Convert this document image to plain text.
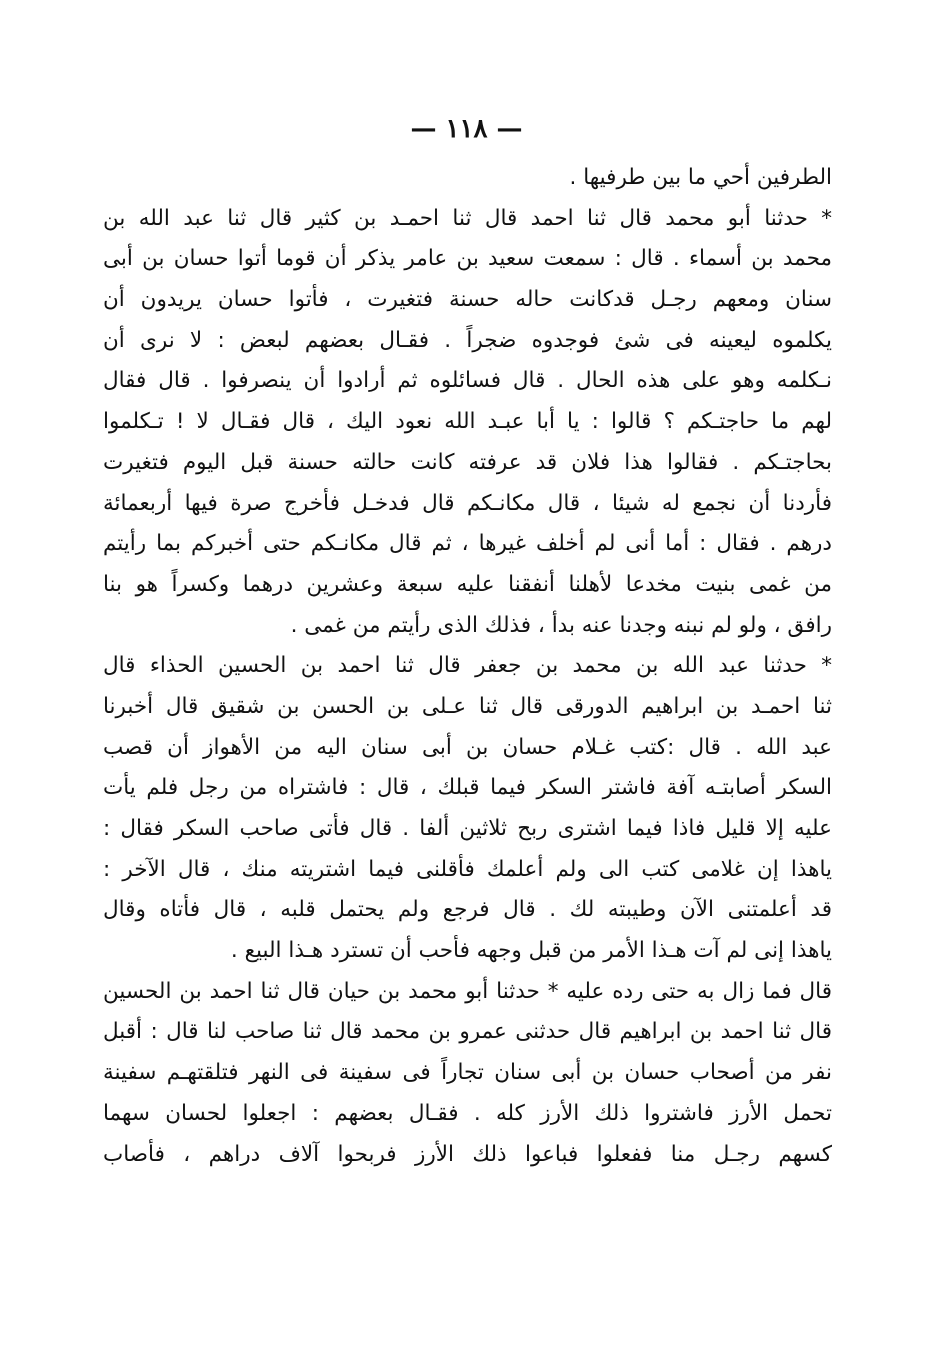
— ١١٨ —
الطرفين أحي ما بين طرفيها .
* حدثنا أبو محمد قال ثنا احمد قال ثنا احمـد بن كثير قال ثنا عبد الله بن
محمد بن أسماء . قال : سمعت سعيد بن عامر يذكر أن قوما أتوا حسان بن أبى
سنان ومعهم رجـل قدكانت حاله حسنة فتغيرت ، فأتوا حسان يريدون أن
يكلموه ليعينه فى شئ فوجدوه ضجراً . فقـال بعضهم لبعض : لا نرى أن
نـكلمه وهو على هذه الحال . قال فسائلوه ثم أرادوا أن ينصرفوا . قال فقال
لهم ما حاجتـكم ؟ قالوا : يا أبا عبـد الله نعود اليك ، قال فقـال لا ! تـكلموا
بحاجتـكم . فقالوا هذا فلان قد عرفته كانت حالته حسنة قبل اليوم فتغيرت
فأردنا أن نجمع له شيئا ، قال مكانـكم قال فدخـل فأخرج صرة فيها أربعمائة
درهم . فقال : أما أنى لم أخلف غيرها ، ثم قال مكانـكم حتى أخبركم بما رأيتم
من غمى بنيت مخدعا لأهلنا أنفقنا عليه سبعة وعشرين درهما وكسراً هو بنا
رافق ، ولو لم نبنه وجدنا عنه بدأ ، فذلك الذى رأيتم من غمى .
* حدثنا عبد الله بن محمد بن جعفر قال ثنا احمد بن الحسين الحذاء قال
ثنا احمـد بن ابراهيم الدورقى قال ثنا عـلى بن الحسن بن شقيق قال أخبرنا
عبد الله . قال :كتب غـلام حسان بن أبى سنان اليه من الأهواز أن قصب
السكر أصابتـه آفة فاشتر السكر فيما قبلك ، قال : فاشتراه من رجل فلم يأت
عليه إلا قليل فاذا فيما اشترى ربح ثلاثين ألفا . قال فأتى صاحب السكر فقال :
ياهذا إن غلامى كتب الى ولم أعلمك فأقلنى فيما اشتريته منك ، قال الآخر :
قد أعلمتنى الآن وطيبته لك . قال فرجع ولم يحتمل قلبه ، قال فأتاه وقال
ياهذا إنى لم آت هـذا الأمر من قبل وجهه فأحب أن تسترد هـذا البيع .
قال فما زال به حتى رده عليه * حدثنا أبو محمد بن حيان قال ثنا احمد بن الحسين
قال ثنا احمد بن ابراهيم قال حدثنى عمرو بن محمد قال ثنا صاحب لنا قال : أقبل
نفر من أصحاب حسان بن أبى سنان تجاراً فى سفينة فى النهر فتلقتهـم سفينة
تحمل الأرز فاشتروا ذلك الأرز كله . فقـال بعضهم : اجعلوا لحسان سهما
كسهم رجـل منا ففعلوا فباعوا ذلك الأرز فربحوا آلاف دراهم ، فأصاب
